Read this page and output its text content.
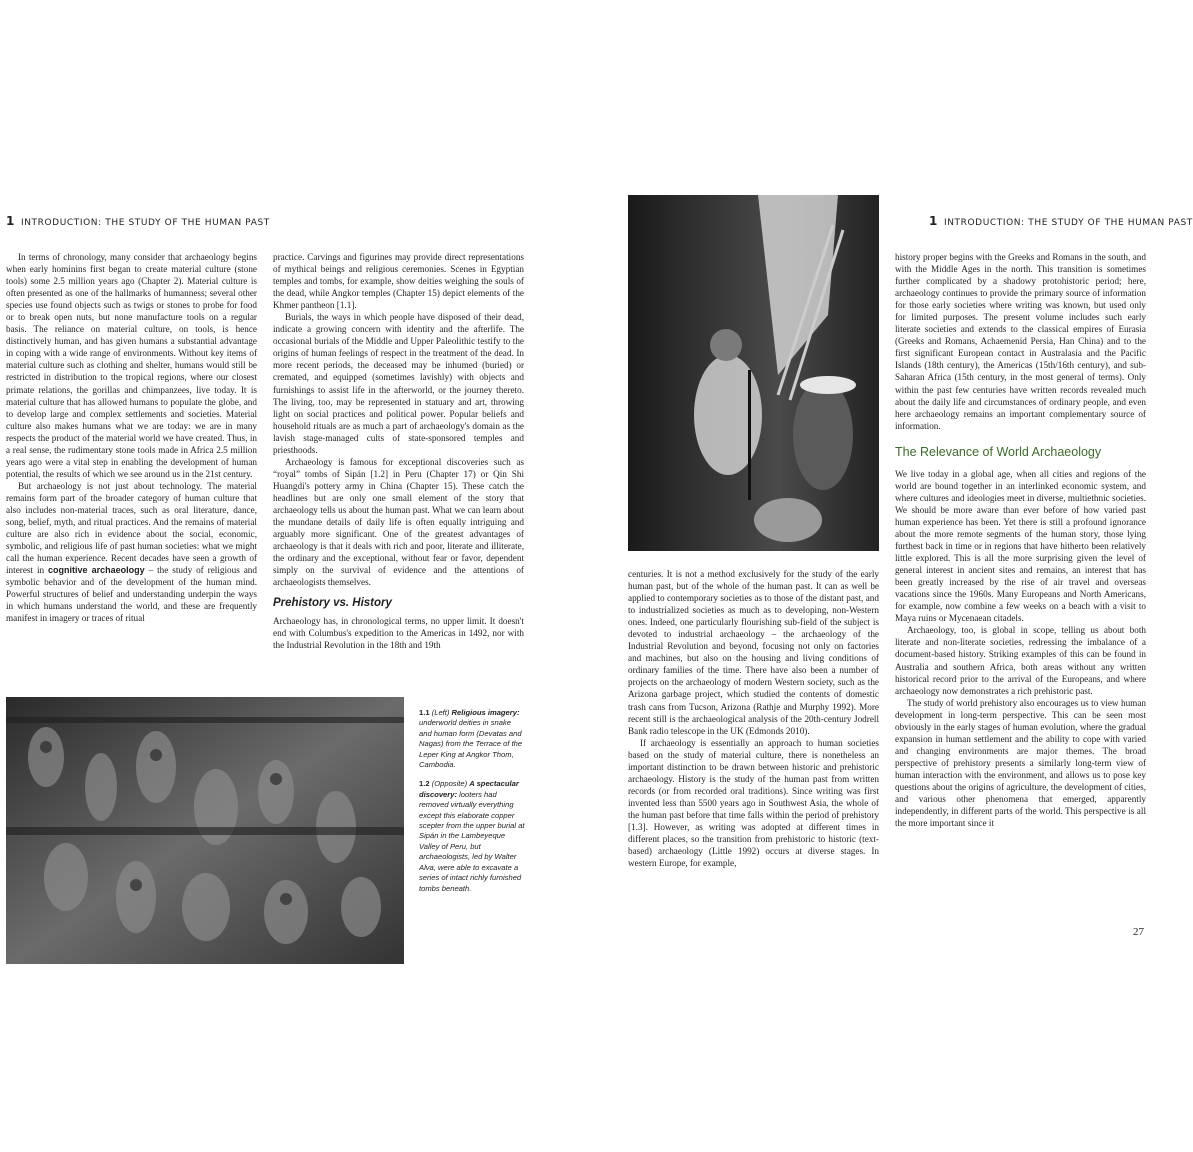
1 INTRODUCTION: THE STUDY OF THE HUMAN PAST

In terms of chronology, many consider that archaeology begins when early hominins first began to create material culture (stone tools) some 2.5 million years ago (Chapter 2). Material culture is often presented as one of the hallmarks of humanness; several other species use found objects such as twigs or stones to probe for food or to break open nuts, but none manufacture tools on a regular basis. The reliance on material culture, on tools, is hence distinctively human, and has given humans a substantial advantage in coping with a wide range of environments. Without key items of material culture such as clothing and shelter, humans would still be restricted in distribution to the tropical regions, where our closest primate relations, the gorillas and chimpanzees, live today. It is material culture that has allowed humans to populate the globe, and to develop large and complex settlements and societies. Material culture also makes humans what we are today: we are in many respects the product of the material world we have created. Thus, in a real sense, the rudimentary stone tools made in Africa 2.5 million years ago were a vital step in enabling the development of human potential, the results of which we see around us in the 21st century.

But archaeology is not just about technology. The material remains form part of the broader category of human culture that also includes non-material traces, such as oral literature, dance, song, belief, myth, and ritual practices. And the remains of material culture are also rich in evidence about the social, economic, symbolic, and religious life of past human societies: what we might call the human experience. Recent decades have seen a growth of interest in cognitive archaeology – the study of religious and symbolic behavior and of the development of the human mind. Powerful structures of belief and understanding underpin the ways in which humans understand the world, and these are frequently manifest in imagery or traces of ritual

practice. Carvings and figurines may provide direct representations of mythical beings and religious ceremonies. Scenes in Egyptian temples and tombs, for example, show deities weighing the souls of the dead, while Angkor temples (Chapter 15) depict elements of the Khmer pantheon [1.1].

Burials, the ways in which people have disposed of their dead, indicate a growing concern with identity and the afterlife. The occasional burials of the Middle and Upper Paleolithic testify to the origins of human feelings of respect in the treatment of the dead. In more recent periods, the deceased may be inhumed (buried) or cremated, and equipped (sometimes lavishly) with objects and furnishings to assist life in the afterworld, or the journey thereto. The living, too, may be represented in statuary and art, throwing light on social practices and political power. Popular beliefs and household rituals are as much a part of archaeology's domain as the lavish stage-managed cults of state-sponsored temples and priesthoods.

Archaeology is famous for exceptional discoveries such as “royal” tombs of Sipán [1.2] in Peru (Chapter 17) or Qin Shi Huangdi's pottery army in China (Chapter 15). These catch the headlines but are only one small element of the story that archaeology tells us about the human past. What we can learn about the mundane details of daily life is often equally intriguing and arguably more significant. One of the greatest advantages of archaeology is that it deals with rich and poor, literate and illiterate, the ordinary and the exceptional, without fear or favor, dependent simply on the survival of evidence and the attentions of archaeologists themselves.

Prehistory vs. History

Archaeology has, in chronological terms, no upper limit. It doesn't end with Columbus's expedition to the Americas in 1492, nor with the Industrial Revolution in the 18th and 19th

1.1 (Left) Religious imagery: underworld deities in snake and human form (Devatas and Nagas) from the Terrace of the Leper King at Angkor Thom, Cambodia.

1.2 (Opposite) A spectacular discovery: looters had removed virtually everything except this elaborate copper scepter from the upper burial at Sipán in the Lambeyeque Valley of Peru, but archaeologists, led by Walter Alva, were able to excavate a series of intact richly furnished tombs beneath.

1 INTRODUCTION: THE STUDY OF THE HUMAN PAST

centuries. It is not a method exclusively for the study of the early human past, but of the whole of the human past. It can as well be applied to contemporary societies as to those of the distant past, and to industrialized societies as much as to developing, non-Western ones. Indeed, one particularly flourishing sub-field of the subject is devoted to industrial archaeology – the archaeology of the Industrial Revolution and beyond, focusing not only on factories and machines, but also on the housing and living conditions of ordinary families of the time. There have also been a number of projects on the archaeology of modern Western society, such as the Arizona garbage project, which studied the contents of domestic trash cans from Tucson, Arizona (Rathje and Murphy 1992). More recent still is the archaeological analysis of the 20th-century Jodrell Bank radio telescope in the UK (Edmonds 2010).

If archaeology is essentially an approach to human societies based on the study of material culture, there is nonetheless an important distinction to be drawn between historic and prehistoric archaeology. History is the study of the human past from written records (or from recorded oral traditions). Since writing was first invented less than 5500 years ago in Southwest Asia, the whole of the human past before that time falls within the period of prehistory [1.3]. However, as writing was adopted at different times in different places, so the transition from prehistoric to historic (text-based) archaeology (Little 1992) occurs at diverse stages. In western Europe, for example,

history proper begins with the Greeks and Romans in the south, and with the Middle Ages in the north. This transition is sometimes further complicated by a shadowy protohistoric period; here, archaeology continues to provide the primary source of information for those early societies where writing was known, but used only for limited purposes. The present volume includes such early literate societies and extends to the classical empires of Eurasia (Greeks and Romans, Achaemenid Persia, Han China) and to the first significant European contact in Australasia and the Pacific Islands (18th century), the Americas (15th/16th century), and sub-Saharan Africa (15th century, in the most general of terms). Only within the past few centuries have written records revealed much about the daily life and circumstances of ordinary people, and even here archaeology remains an important complementary source of information.

The Relevance of World Archaeology

We live today in a global age, when all cities and regions of the world are bound together in an interlinked economic system, and where cultures and ideologies meet in diverse, multiethnic societies. We should be more aware than ever before of how varied past human experience has been. Yet there is still a profound ignorance about the more remote segments of the human story, those lying furthest back in time or in regions that have hitherto been relatively little explored. This is all the more surprising given the level of general interest in ancient sites and remains, an interest that has been greatly increased by the rise of air travel and overseas vacations since the 1960s. Many Europeans and North Americans, for example, now combine a few weeks on a beach with a visit to Maya ruins or Mycenaean citadels.

Archaeology, too, is global in scope, telling us about both literate and non-literate societies, redressing the imbalance of a document-based history. Striking examples of this can be found in Australia and southern Africa, both areas without any written historical record prior to the arrival of the Europeans, and where archaeology now demonstrates a rich prehistoric past.

The study of world prehistory also encourages us to view human development in long-term perspective. This can be seen most obviously in the early stages of human evolution, where the gradual expansion in human settlement and the ability to cope with varied and changing environments are major themes. The broad perspective of prehistory presents a similarly long-term view of human interaction with the environment, and allows us to pose key questions about the origins of agriculture, the development of cities, and various other phenomena that emerged, apparently independently, in different parts of the world. This perspective is all the more important since it

27
